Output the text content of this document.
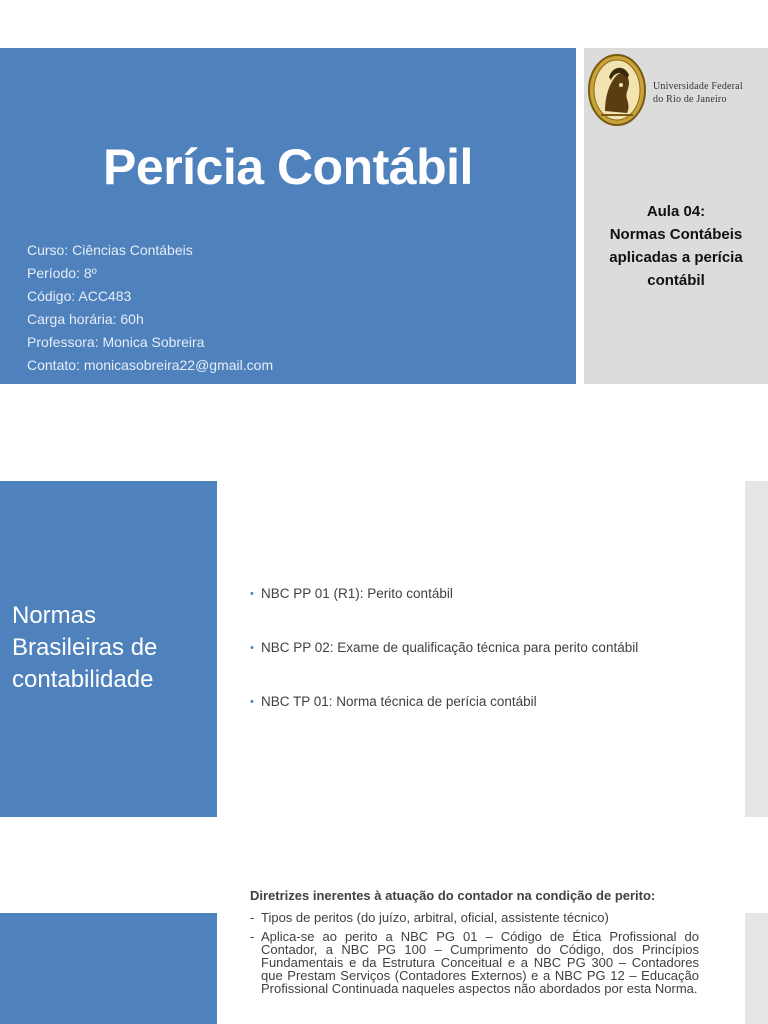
Perícia Contábil
Curso: Ciências Contábeis
Período: 8º
Código: ACC483
Carga horária: 60h
Professora: Monica Sobreira
Contato: monicasobreira22@gmail.com
Universidade Federal
do Rio de Janeiro
Aula 04:
Normas Contábeis
aplicadas a perícia
contábil
Normas Brasileiras de contabilidade
• NBC PP 01 (R1): Perito contábil
• NBC PP 02: Exame de qualificação técnica para perito contábil
• NBC TP 01: Norma técnica de perícia contábil
Diretrizes inerentes à atuação do contador na condição de perito:
- Tipos de peritos (do juízo, arbitral, oficial, assistente técnico)
- Aplica-se ao perito a NBC PG 01 – Código de Ética Profissional do Contador, a NBC PG 100 – Cumprimento do Código, dos Princípios Fundamentais e da Estrutura Conceitual e a NBC PG 300 – Contadores que Prestam Serviços (Contadores Externos) e a NBC PG 12 – Educação Profissional Continuada naqueles aspectos não abordados por esta Norma.
